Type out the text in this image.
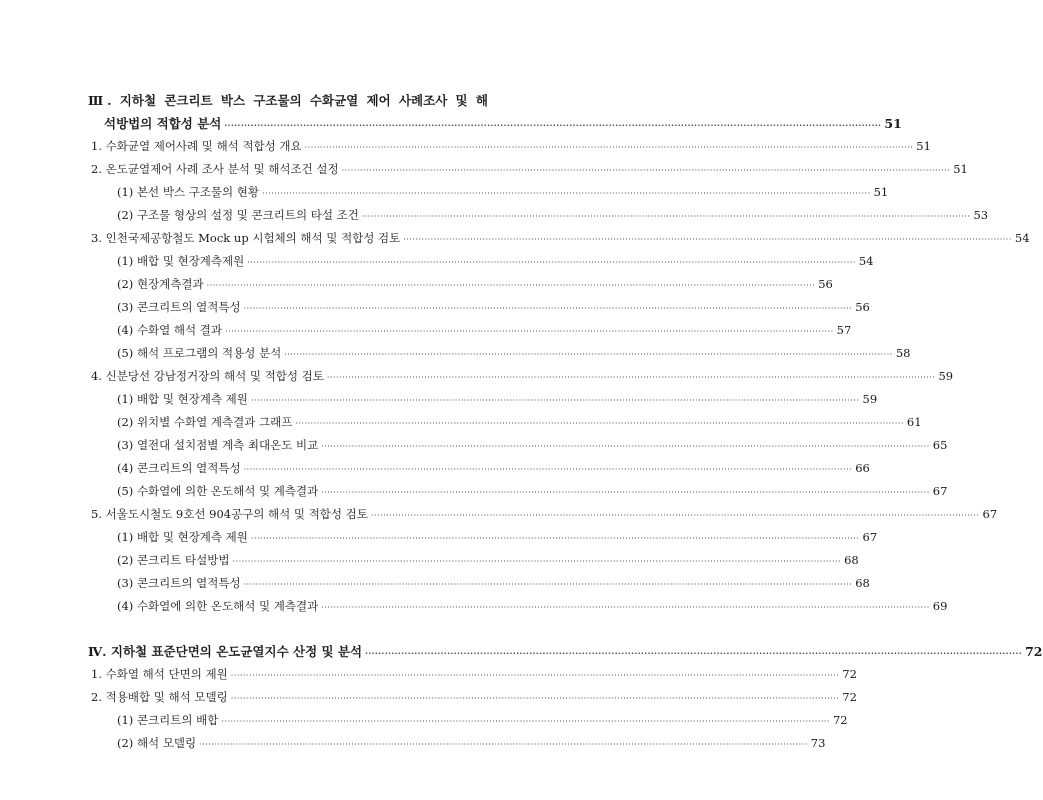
Ⅲ. 지하철 콘크리트 박스 구조물의 수화균열 제어 사례조사 및 해
석방법의 적합성 분석 ········································································································································································································ 51
1. 수화균열 제어사례 및 해석 적합성 개요 ········································································································································································································ 51
2. 온도균열제어 사례 조사 분석 및 해석조건 설정 ········································································································································································································ 51
(1) 본선 박스 구조물의 현황 ········································································································································································································ 51
(2) 구조물 형상의 설정 및 콘크리트의 타설 조건 ········································································································································································································ 53
3. 인천국제공항철도 Mock up 시험체의 해석 및 적합성 검토 ········································································································································································································ 54
(1) 배합 및 현장계측제원 ········································································································································································································ 54
(2) 현장계측결과 ········································································································································································································ 56
(3) 콘크리트의 열적특성 ········································································································································································································ 56
(4) 수화열 해석 결과 ········································································································································································································ 57
(5) 해석 프로그램의 적용성 분석 ········································································································································································································ 58
4. 신분당선 강남정거장의 해석 및 적합성 검토 ········································································································································································································ 59
(1) 배합 및 현장계측 제원 ········································································································································································································ 59
(2) 위치별 수화열 계측결과 그래프 ········································································································································································································ 61
(3) 열전대 설치점별 계측 최대온도 비교 ········································································································································································································ 65
(4) 콘크리트의 열적특성 ········································································································································································································ 66
(5) 수화열에 의한 온도해석 및 계측결과 ········································································································································································································ 67
5. 서울도시철도 9호선 904공구의 해석 및 적합성 검토 ········································································································································································································ 67
(1) 배합 및 현장계측 제원 ········································································································································································································ 67
(2) 콘크리트 타설방법 ········································································································································································································ 68
(3) 콘크리트의 열적특성 ········································································································································································································ 68
(4) 수화열에 의한 온도해석 및 계측결과 ········································································································································································································ 69
Ⅳ. 지하철 표준단면의 온도균열지수 산정 및 분석 ········································································································································································································ 72
1. 수화열 해석 단면의 제원 ········································································································································································································ 72
2. 적용배합 및 해석 모델링 ········································································································································································································ 72
(1) 콘크리트의 배합 ········································································································································································································ 72
(2) 해석 모델링 ········································································································································································································ 73
